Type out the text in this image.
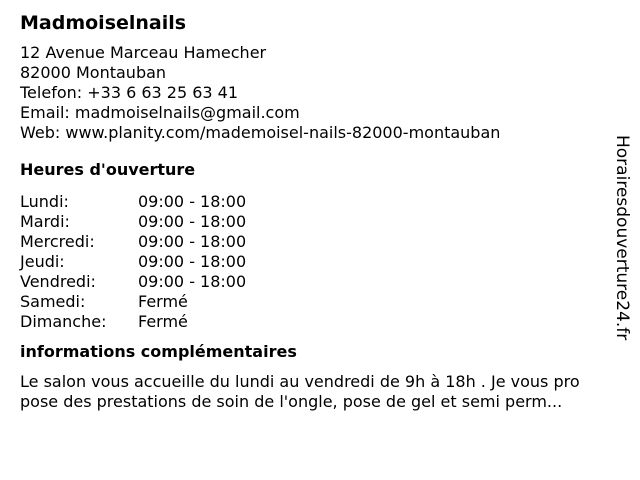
Madmoiselnails
12 Avenue Marceau Hamecher
82000 Montauban
Telefon: +33 6 63 25 63 41
Email: madmoiselnails@gmail.com
Web: www.planity.com/mademoisel-nails-82000-montauban
Heures d'ouverture
Lundi:	09:00 - 18:00
Mardi:	09:00 - 18:00
Mercredi:	09:00 - 18:00
Jeudi:	09:00 - 18:00
Vendredi:	09:00 - 18:00
Samedi:	Fermé
Dimanche:	Fermé
informations complémentaires
Le salon vous accueille du lundi au vendredi de 9h à 18h . Je vous pro
pose des prestations de soin de l'ongle, pose de gel et semi perm...
Horairesdouverture24.fr
